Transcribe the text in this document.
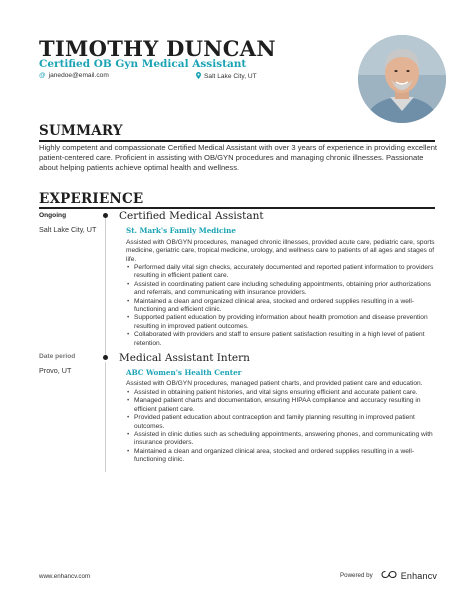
TIMOTHY DUNCAN
Certified OB Gyn Medical Assistant
@ janedoe@email.com	Salt Lake City, UT
SUMMARY
Highly competent and compassionate Certified Medical Assistant with over 3 years of experience in providing excellent patient-centered care. Proficient in assisting with OB/GYN procedures and managing chronic illnesses. Passionate about helping patients achieve optimal health and wellness.
EXPERIENCE
Ongoing
Salt Lake City, UT
Certified Medical Assistant
St. Mark's Family Medicine
Assisted with OB/GYN procedures, managed chronic illnesses, provided acute care, pediatric care, sports medicine, geriatric care, tropical medicine, urology, and wellness care to patients of all ages and stages of life.
• Performed daily vital sign checks, accurately documented and reported patient information to providers resulting in efficient patient care.
• Assisted in coordinating patient care including scheduling appointments, obtaining prior authorizations and referrals, and communicating with insurance providers.
• Maintained a clean and organized clinical area, stocked and ordered supplies resulting in a well-functioning and efficient clinic.
• Supported patient education by providing information about health promotion and disease prevention resulting in improved patient outcomes.
• Collaborated with providers and staff to ensure patient satisfaction resulting in a high level of patient retention.
Date period
Provo, UT
Medical Assistant Intern
ABC Women's Health Center
Assisted with OB/GYN procedures, managed patient charts, and provided patient care and education.
• Assisted in obtaining patient histories, and vital signs ensuring efficient and accurate patient care.
• Managed patient charts and documentation, ensuring HIPAA compliance and accuracy resulting in efficient patient care.
• Provided patient education about contraception and family planning resulting in improved patient outcomes.
• Assisted in clinic duties such as scheduling appointments, answering phones, and communicating with insurance providers.
• Maintained a clean and organized clinical area, stocked and ordered supplies resulting in a well-functioning clinic.
www.enhancv.com	Powered by	Enhancv
